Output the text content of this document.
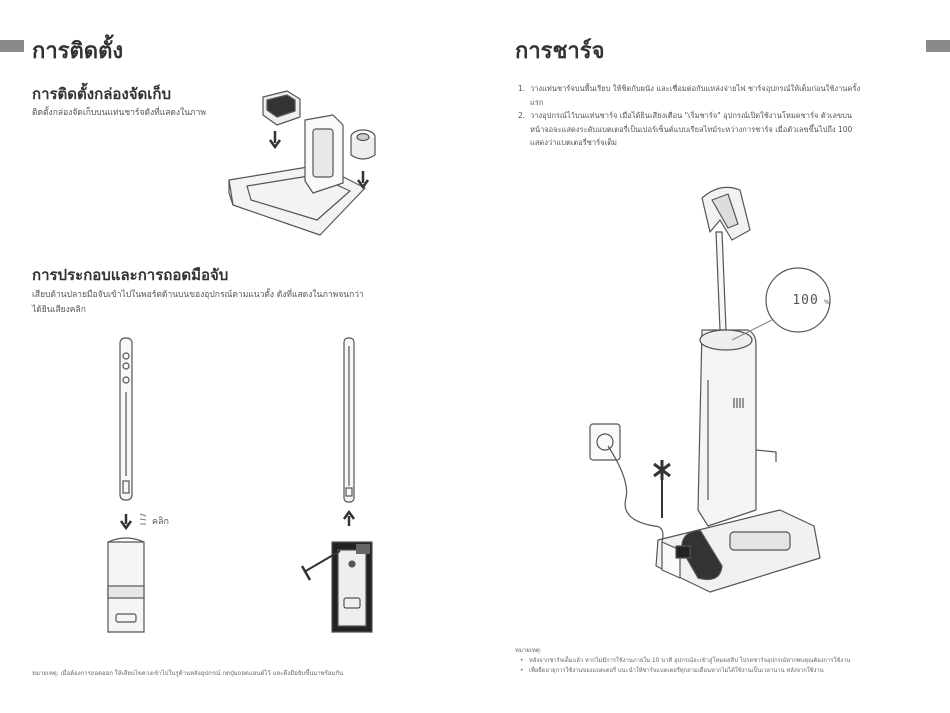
การติดตั้ง
การติดตั้งกล่องจัดเก็บ

ติดตั้งกล่องจัดเก็บบนแท่นชาร์จดังที่แสดงในภาพ

การประกอบและการถอดมือจับ

เสียบด้านปลายมือจับเข้าไปในพอร์ตด้านบนของอุปกรณ์ตามแนวตั้ง ดังที่แสดงในภาพจนกว่าได้ยินเสียงคลิก

คลิก
หมายเหตุ: เมื่อต้องการถอดออก ให้เสียบไขควงเข้าไปในรูด้านหลังอุปกรณ์ กดปุ่มถอดแฮนด์ไว้ และดึงมือจับขึ้นมาพร้อมกัน
การชาร์จ
1. วางแท่นชาร์จบนพื้นเรียบ ให้ชิดกับผนัง และเชื่อมต่อกับแหล่งจ่ายไฟ ชาร์จอุปกรณ์ให้เต็มก่อนใช้งานครั้งแรก
2. วางอุปกรณ์ไว้บนแท่นชาร์จ เมื่อได้ยินเสียงเตือน "เริ่มชาร์จ" อุปกรณ์เปิดใช้งานโหมดชาร์จ ตัวเลขบนหน้าจอจะแสดงระดับแบตเตอรี่เป็นเปอร์เซ็นต์แบบเรียลไทม์ระหว่างการชาร์จ เมื่อตัวเลขขึ้นไปถึง 100 แสดงว่าแบตเตอรี่ชาร์จเต็ม
100 %
หมายเหตุ:
• หลังจากชาร์จเต็มแล้ว หากไม่มีการใช้งานภายใน 10 นาที อุปกรณ์จะเข้าสู่โหมดสลีป โปรดชาร์จอุปกรณ์หากพบคุณต้องการใช้งาน
• เพื่อยืดอายุการใช้งานของแบตเตอรี่ แนะนำให้ชาร์จแบตเตอรี่ทุกสามเดือนหากไม่ได้ใช้งานเป็นเวลานาน หลังจากใช้งาน
